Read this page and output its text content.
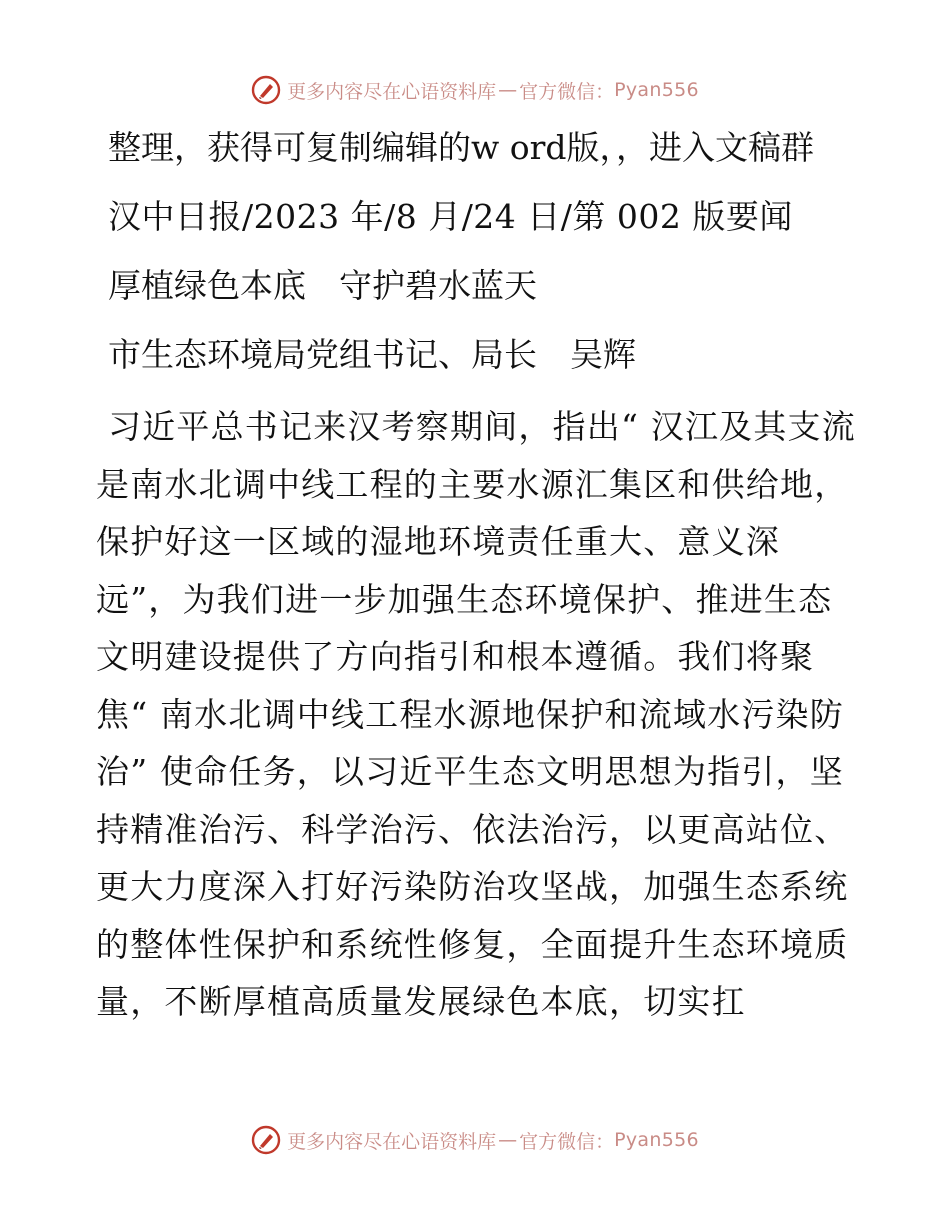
更多内容尽在心语资料库 — 官方微信： Pyan556

整理，获得可复制编辑的w ord版，，进入文稿群

汉中日报/2023 年/8 月/24 日/第 002 版要闻

厚植绿色本底　守护碧水蓝天

市生态环境局党组书记、局长　吴辉

习近平总书记来汉考察期间，指出“ 汉江及其支流是南水北调中线工程的主要水源汇集区和供给地，保护好这一区域的湿地环境责任重大、意义深远”，为我们进一步加强生态环境保护、推进生态文明建设提供了方向指引和根本遵循。我们将聚焦“ 南水北调中线工程水源地保护和流域水污染防治” 使命任务，以习近平生态文明思想为指引，坚持精准治污、科学治污、依法治污，以更高站位、更大力度深入打好污染防治攻坚战，加强生态系统的整体性保护和系统性修复，全面提升生态环境质量，不断厚植高质量发展绿色本底，切实扛

更多内容尽在心语资料库 — 官方微信： Pyan556
